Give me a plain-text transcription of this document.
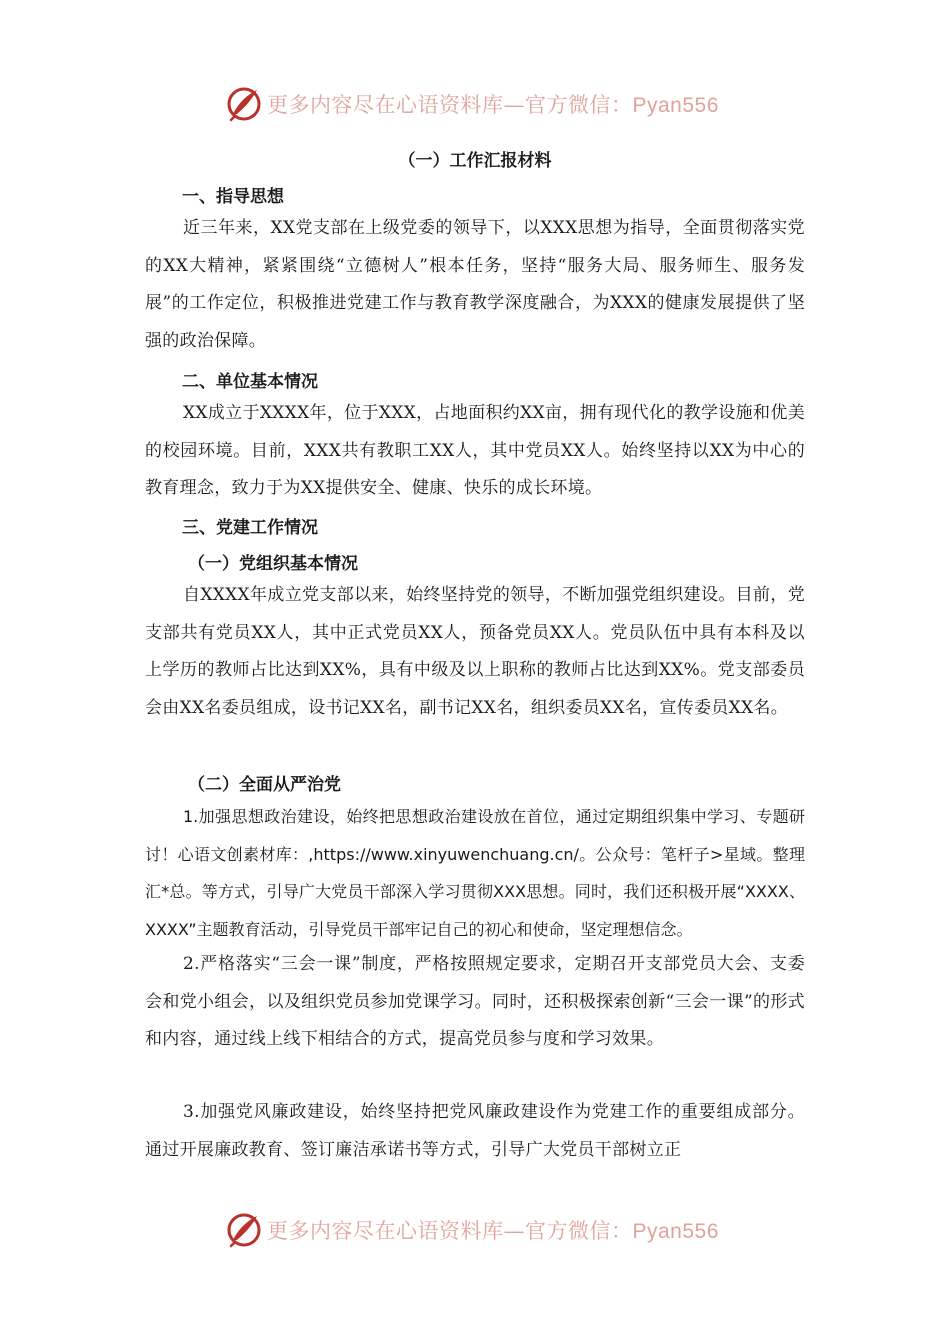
更多内容尽在心语资料库—官方微信：Pyan556
（一）工作汇报材料
一、指导思想
近三年来，XX党支部在上级党委的领导下，以XXX思想为指导，全面贯彻落实党的XX大精神，紧紧围绕“立德树人”根本任务，坚持“服务大局、服务师生、服务发展”的工作定位，积极推进党建工作与教育教学深度融合，为XXX的健康发展提供了坚强的政治保障。
二、单位基本情况
XX成立于XXXX年，位于XXX，占地面积约XX亩，拥有现代化的教学设施和优美的校园环境。目前，XXX共有教职工XX人，其中党员XX人。始终坚持以XX为中心的教育理念，致力于为XX提供安全、健康、快乐的成长环境。
三、党建工作情况
（一）党组织基本情况
自XXXX年成立党支部以来，始终坚持党的领导，不断加强党组织建设。目前，党支部共有党员XX人，其中正式党员XX人，预备党员XX人。党员队伍中具有本科及以上学历的教师占比达到XX%，具有中级及以上职称的教师占比达到XX%。党支部委员会由XX名委员组成，设书记XX名，副书记XX名，组织委员XX名，宣传委员XX名。
（二）全面从严治党
1.加强思想政治建设，始终把思想政治建设放在首位，通过定期组织集中学习、专题研讨！心语文创素材库：,https://www.xinyuwenchuang.cn/。公众号：笔杆子>星域。整理汇*总。等方式，引导广大党员干部深入学习贯彻XXX思想。同时，我们还积极开展“XXXX、XXXX”主题教育活动，引导党员干部牢记自己的初心和使命，坚定理想信念。
2.严格落实“三会一课”制度，严格按照规定要求，定期召开支部党员大会、支委会和党小组会，以及组织党员参加党课学习。同时，还积极探索创新“三会一课”的形式和内容，通过线上线下相结合的方式，提高党员参与度和学习效果。
3.加强党风廉政建设，始终坚持把党风廉政建设作为党建工作的重要组成部分。通过开展廉政教育、签订廉洁承诺书等方式，引导广大党员干部树立正
更多内容尽在心语资料库—官方微信：Pyan556
